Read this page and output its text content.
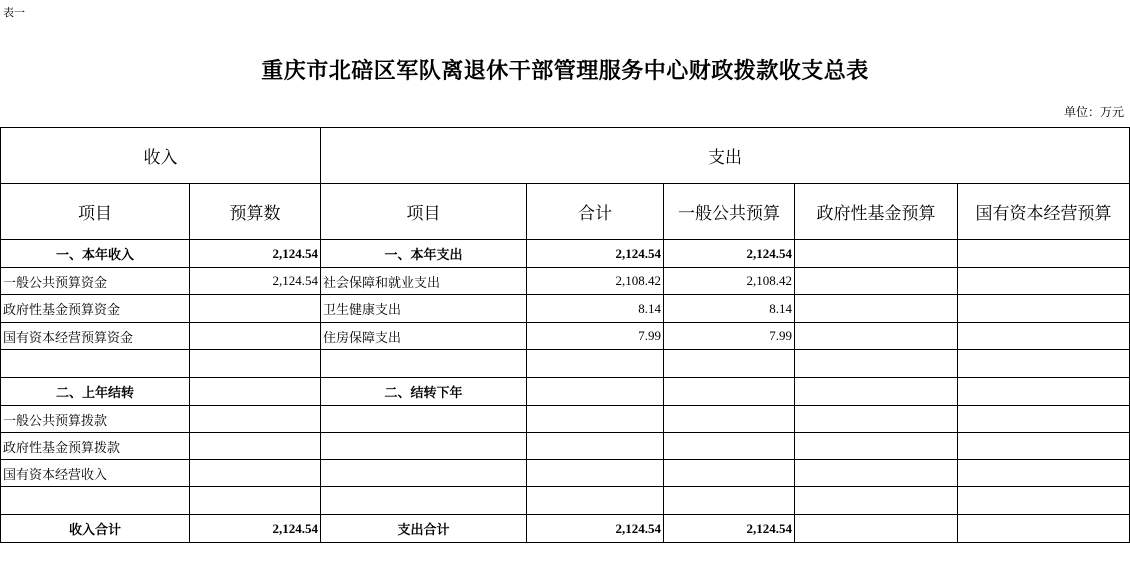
表一
重庆市北碚区军队离退休干部管理服务中心财政拨款收支总表
单位：万元
收入		支出				
项目	预算数	项目	合计	一般公共预算	政府性基金预算	国有资本经营预算
一、本年收入	2,124.54	一、本年支出	2,124.54	2,124.54		
一般公共预算资金	2,124.54	社会保障和就业支出	2,108.42	2,108.42		
政府性基金预算资金		卫生健康支出	8.14	8.14		
国有资本经营预算资金		住房保障支出	7.99	7.99		

二、上年结转		二、结转下年				
一般公共预算拨款						
政府性基金预算拨款						
国有资本经营收入						

收入合计	2,124.54	支出合计	2,124.54	2,124.54		
